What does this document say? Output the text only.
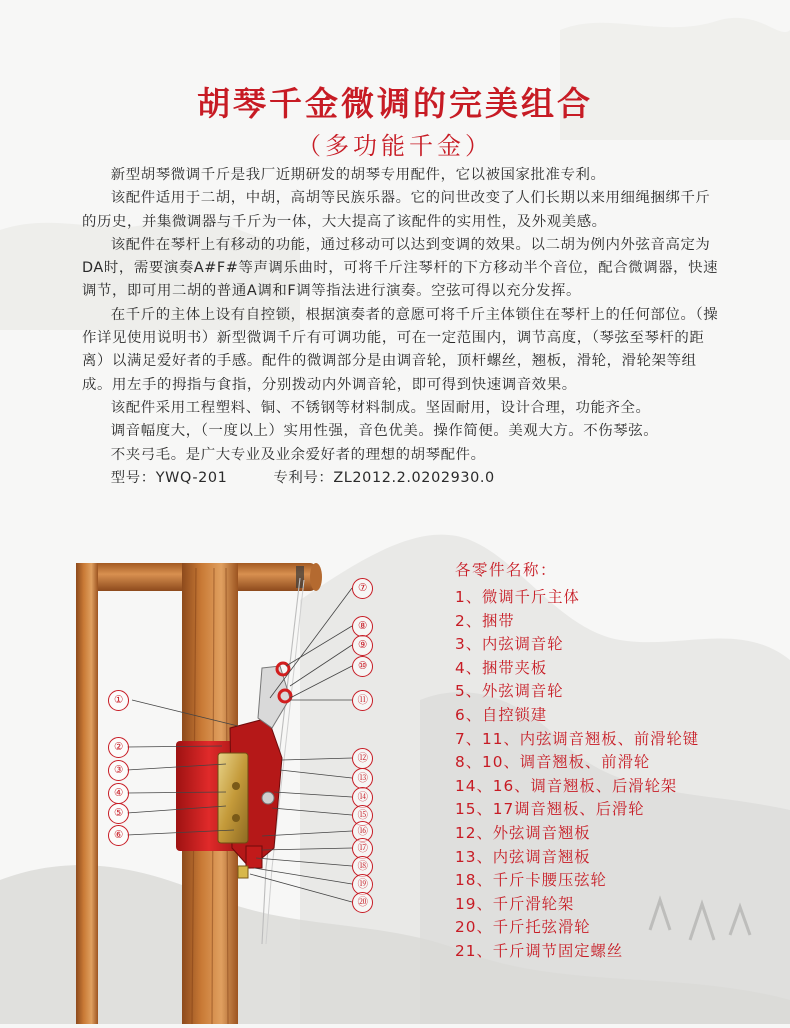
胡琴千金微调的完美组合
（多功能千金）

新型胡琴微调千斤是我厂近期研发的胡琴专用配件，它以被国家批准专利。

该配件适用于二胡，中胡，高胡等民族乐器。它的问世改变了人们长期以来用细绳捆绑千斤的历史，并集微调器与千斤为一体，大大提高了该配件的实用性，及外观美感。

该配件在琴杆上有移动的功能，通过移动可以达到变调的效果。以二胡为例内外弦音高定为DA时，需要演奏A#F#等声调乐曲时，可将千斤注琴杆的下方移动半个音位，配合微调器，快速调节，即可用二胡的普通A调和F调等指法进行演奏。空弦可得以充分发挥。

在千斤的主体上设有自控锁，根据演奏者的意愿可将千斤主体锁住在琴杆上的任何部位。（操作详见使用说明书）新型微调千斤有可调功能，可在一定范围内，调节高度，（琴弦至琴杆的距离）以满足爱好者的手感。配件的微调部分是由调音轮，顶杆螺丝，翘板，滑轮，滑轮架等组成。用左手的拇指与食指，分别拨动内外调音轮，即可得到快速调音效果。

该配件采用工程塑料、铜、不锈钢等材料制成。坚固耐用，设计合理，功能齐全。

调音幅度大，（一度以上）实用性强，音色优美。操作简便。美观大方。不伤琴弦。

不夹弓毛。是广大专业及业余爱好者的理想的胡琴配件。

型号：YWQ-201	专利号：ZL2012.2.0202930.0

①
②
③
④
⑤
⑥
⑦
⑧
⑨
⑩
⑪
⑫
⑬
⑭
⑮
⑯
⑰
⑱
⑲
⑳
各零件名称：
1、微调千斤主体
2、捆带
3、内弦调音轮
4、捆带夹板
5、外弦调音轮
6、自控锁建
7、11、内弦调音翘板、前滑轮键
8、10、调音翘板、前滑轮
14、16、调音翘板、后滑轮架
15、17调音翘板、后滑轮
12、外弦调音翘板
13、内弦调音翘板
18、千斤卡腰压弦轮
19、千斤滑轮架
20、千斤托弦滑轮
21、千斤调节固定螺丝
